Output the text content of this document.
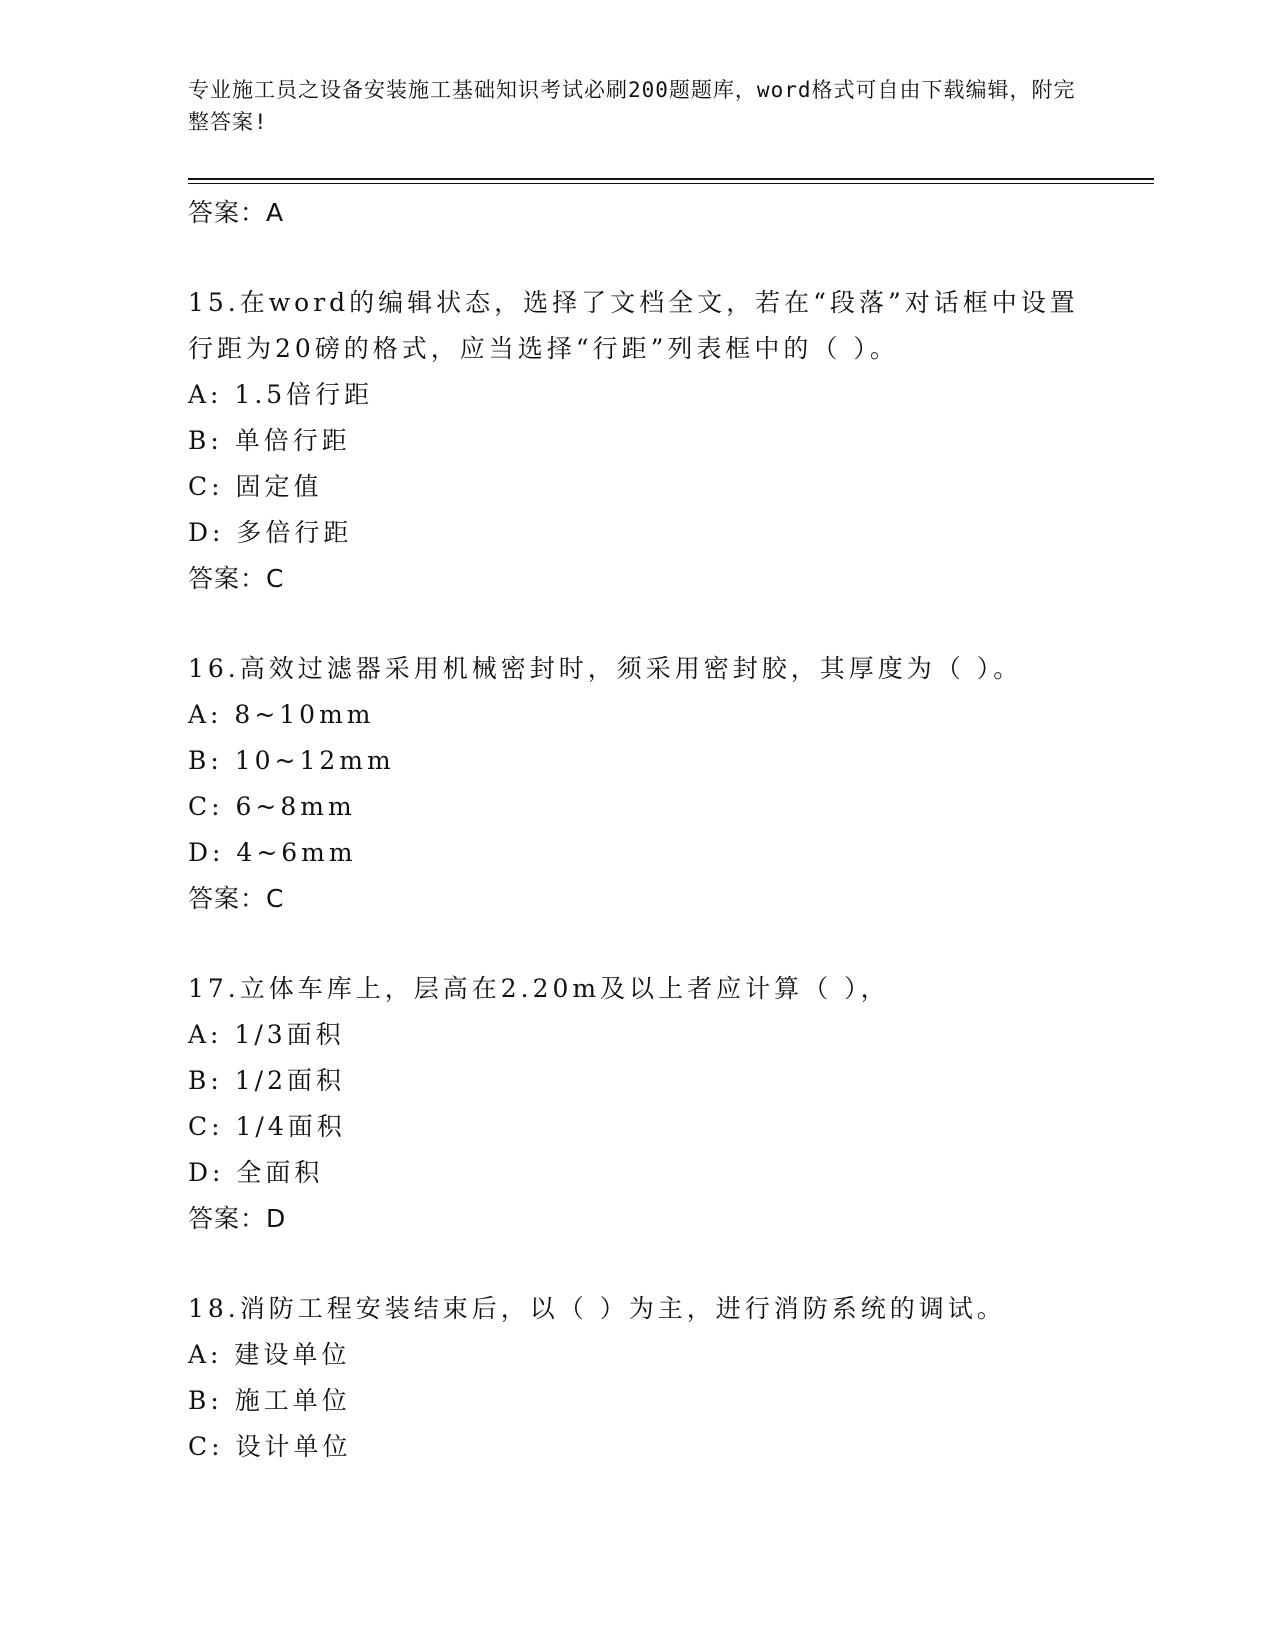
专业施工员之设备安装施工基础知识考试必刷200题题库，word格式可自由下载编辑，附完整答案!
答案：A
15.在word的编辑状态，选择了文档全文，若在“段落”对话框中设置行距为20磅的格式，应当选择“行距”列表框中的（ ）。
A: 1.5倍行距
B: 单倍行距
C: 固定值
D: 多倍行距
答案：C
16.高效过滤器采用机械密封时，须采用密封胶，其厚度为（ ）。
A: 8~10mm
B: 10~12mm
C: 6~8mm
D: 4~6mm
答案：C
17.立体车库上，层高在2.20m及以上者应计算（ ），
A: 1/3面积
B: 1/2面积
C: 1/4面积
D: 全面积
答案：D
18.消防工程安装结束后，以（ ）为主，进行消防系统的调试。
A: 建设单位
B: 施工单位
C: 设计单位
